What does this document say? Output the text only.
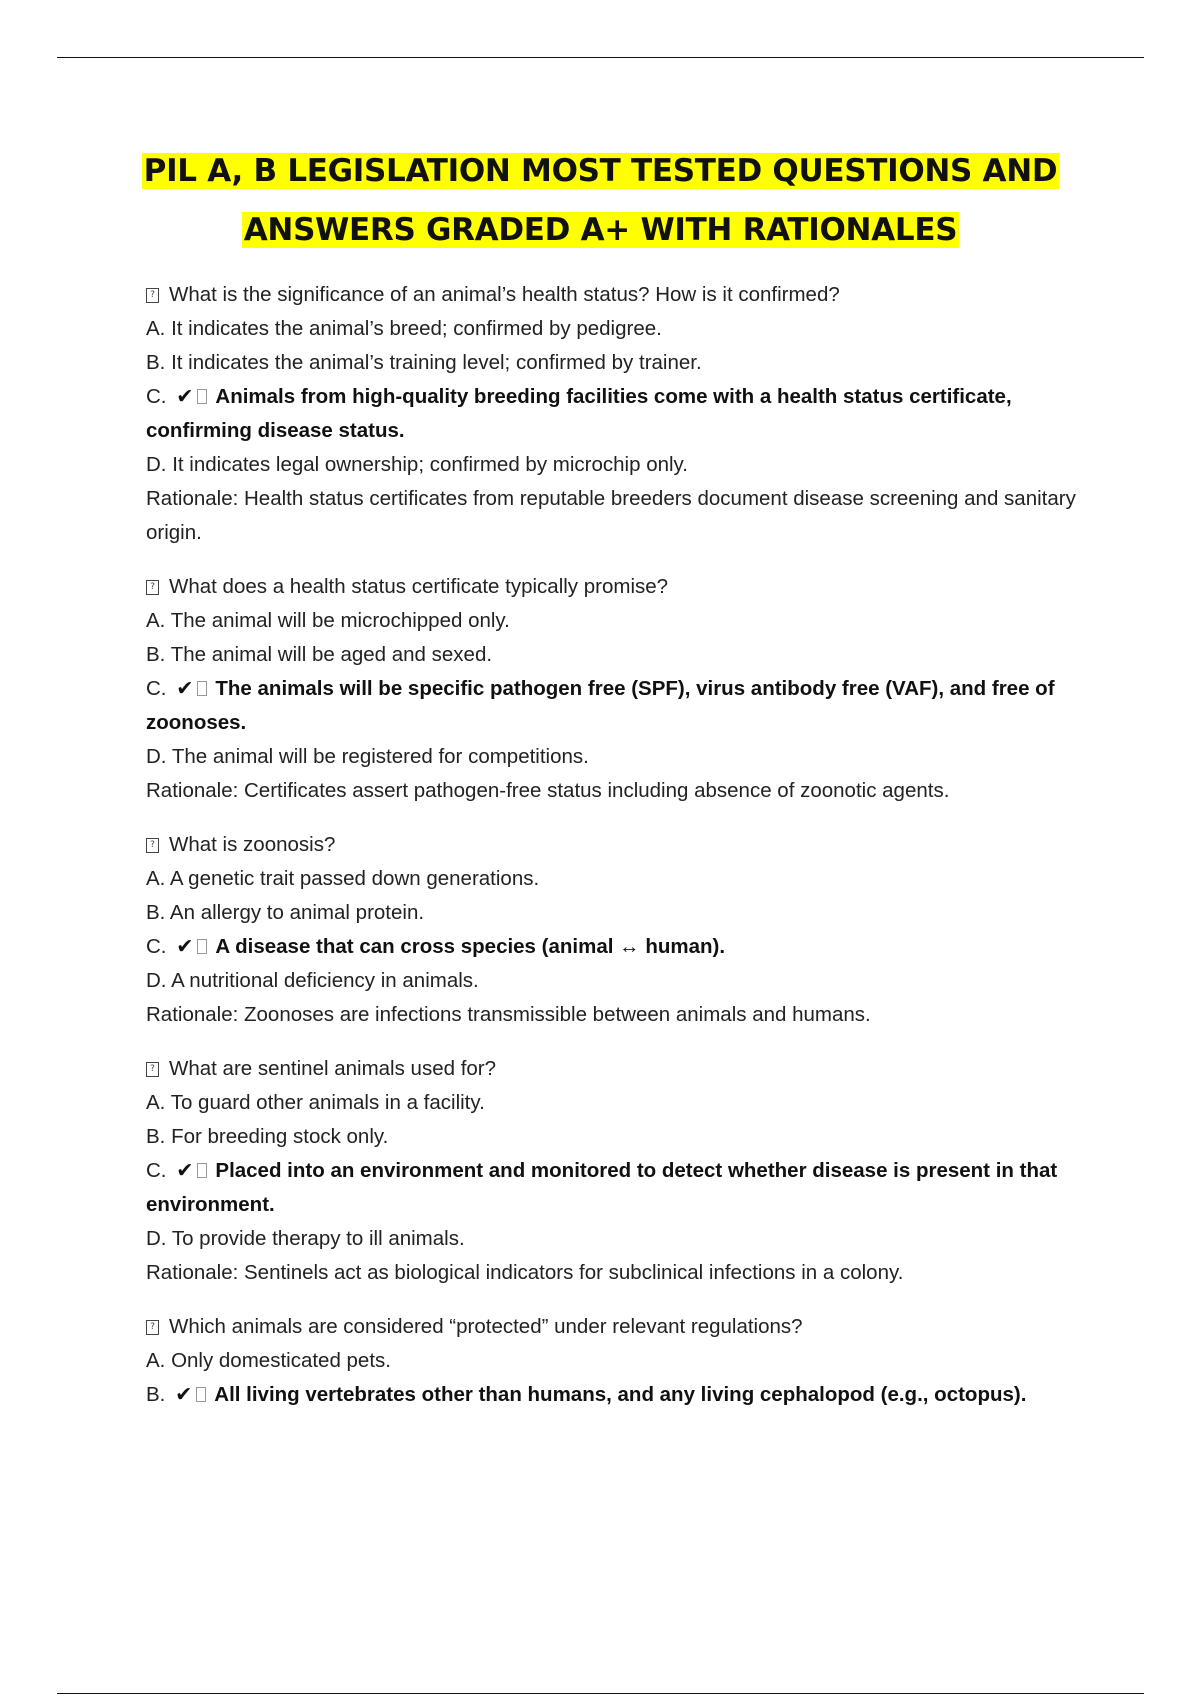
PIL A, B LEGISLATION MOST TESTED QUESTIONS AND
ANSWERS GRADED A+ WITH RATIONALES
? What is the significance of an animal’s health status? How is it confirmed?
A. It indicates the animal’s breed; confirmed by pedigree.
B. It indicates the animal’s training level; confirmed by trainer.
C. ✔ Animals from high-quality breeding facilities come with a health status certificate, confirming disease status.
D. It indicates legal ownership; confirmed by microchip only.
Rationale: Health status certificates from reputable breeders document disease screening and sanitary origin.
? What does a health status certificate typically promise?
A. The animal will be microchipped only.
B. The animal will be aged and sexed.
C. ✔ The animals will be specific pathogen free (SPF), virus antibody free (VAF), and free of zoonoses.
D. The animal will be registered for competitions.
Rationale: Certificates assert pathogen-free status including absence of zoonotic agents.
? What is zoonosis?
A. A genetic trait passed down generations.
B. An allergy to animal protein.
C. ✔ A disease that can cross species (animal ↔ human).
D. A nutritional deficiency in animals.
Rationale: Zoonoses are infections transmissible between animals and humans.
? What are sentinel animals used for?
A. To guard other animals in a facility.
B. For breeding stock only.
C. ✔ Placed into an environment and monitored to detect whether disease is present in that environment.
D. To provide therapy to ill animals.
Rationale: Sentinels act as biological indicators for subclinical infections in a colony.
? Which animals are considered “protected” under relevant regulations?
A. Only domesticated pets.
B. ✔ All living vertebrates other than humans, and any living cephalopod (e.g., octopus).
